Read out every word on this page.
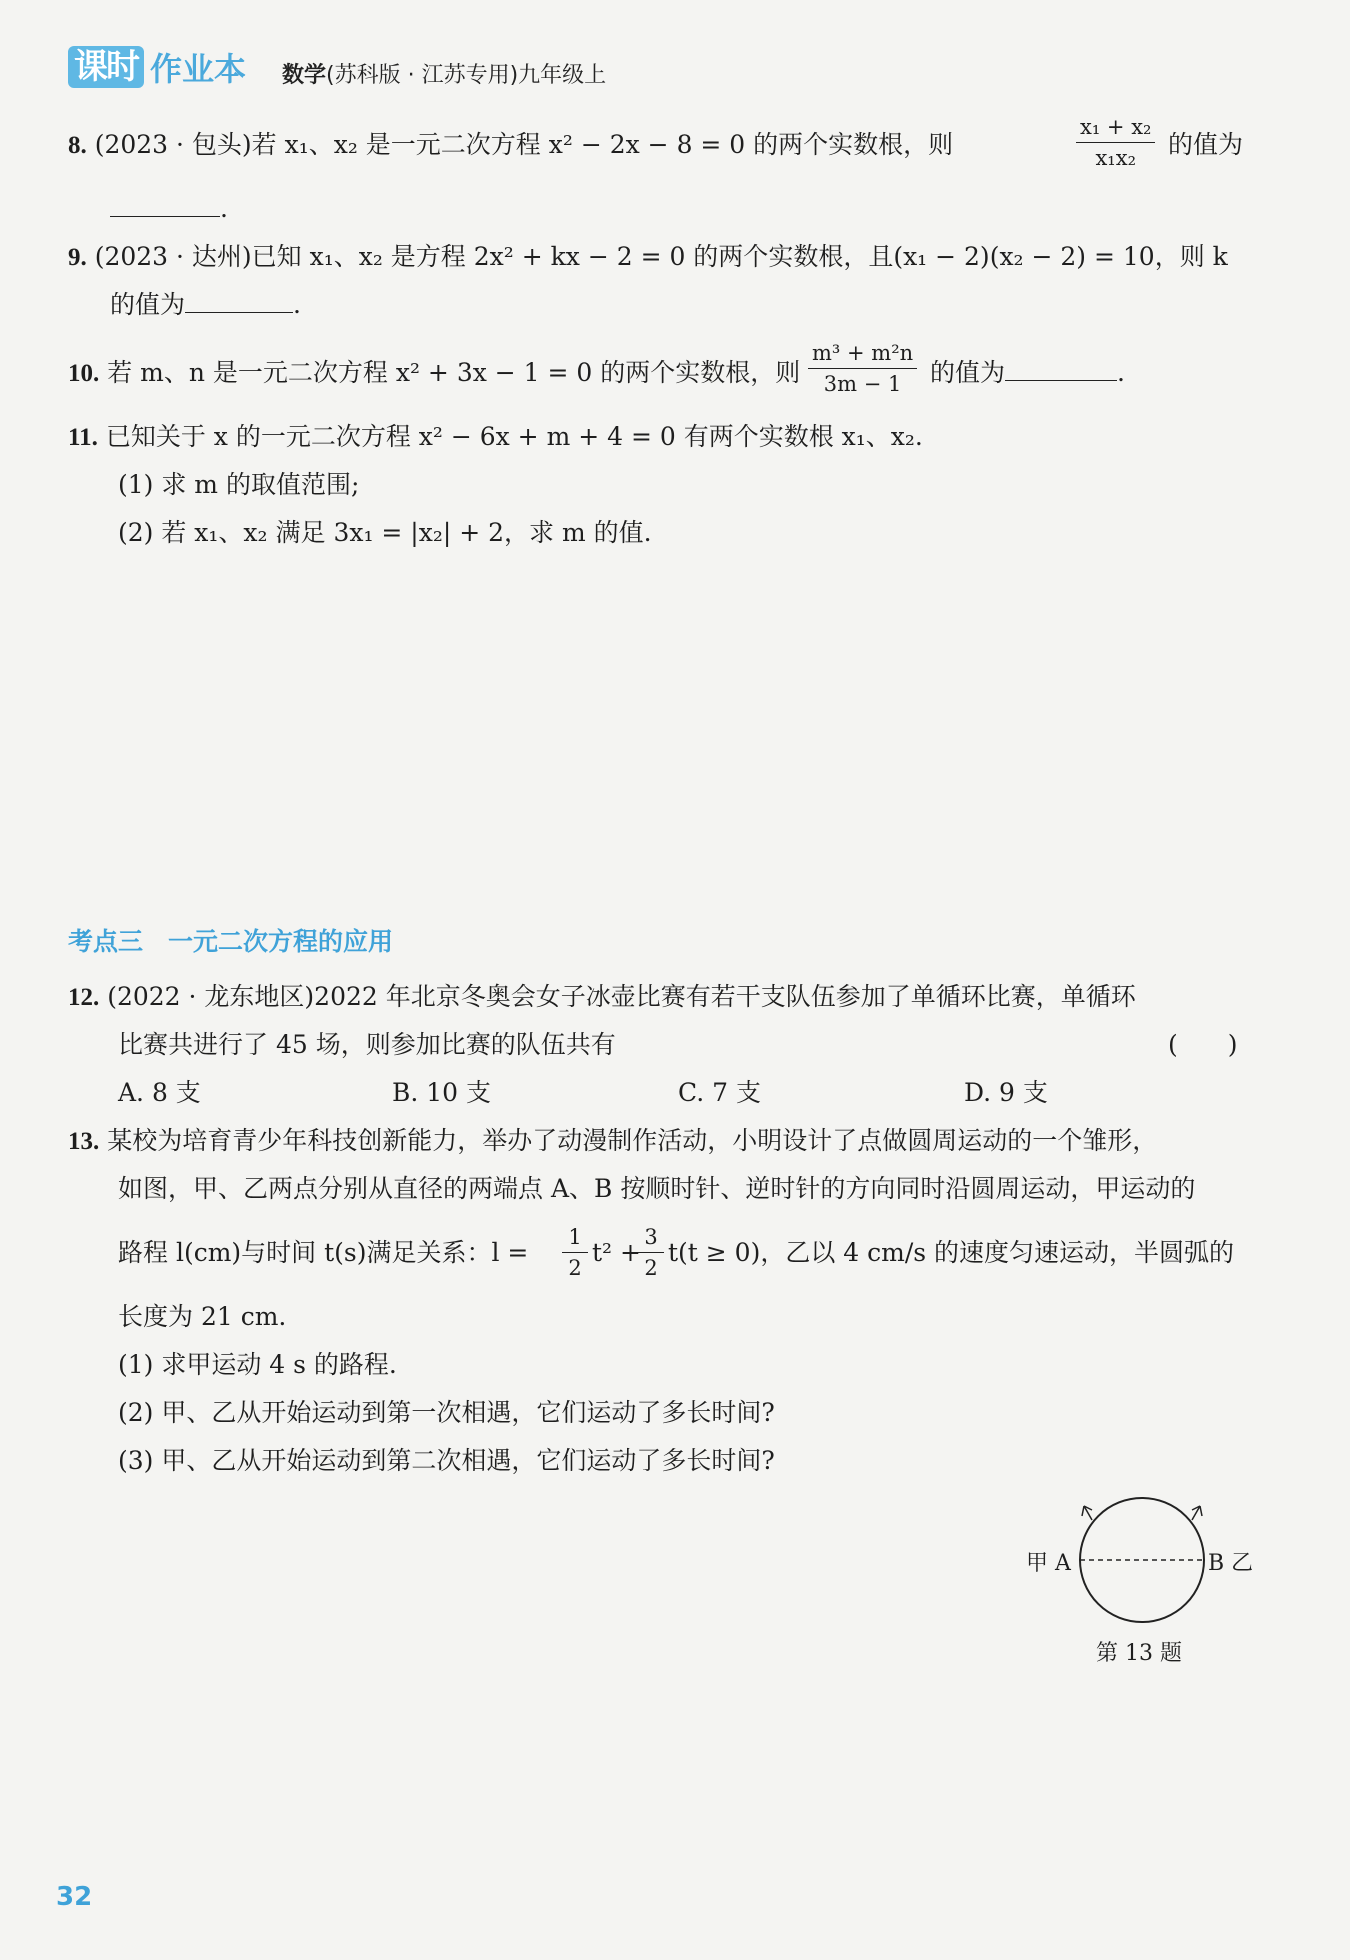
课时 作业本 数学(苏科版 · 江苏专用)九年级上
8. (2023 · 包头)若 x₁、x₂ 是一元二次方程 x² − 2x − 8 = 0 的两个实数根，则	$\frac{\text{x₁ + x₂}}{\text{x₁x₂}}$ 的值为
.
9. (2023 · 达州)已知 x₁、x₂ 是方程 2x² + kx − 2 = 0 的两个实数根，且(x₁ − 2)(x₂ − 2) = 10，则 k
的值为	.
10. 若 m、n 是一元二次方程 x² + 3x − 1 = 0 的两个实数根，则 $\frac{\text{m³ + m²n}}{3m - 1}$ 的值为	.
11. 已知关于 x 的一元二次方程 x² − 6x + m + 4 = 0 有两个实数根 x₁、x₂.
(1) 求 m 的取值范围;
(2) 若 x₁、x₂ 满足 3x₁ = |x₂| + 2，求 m 的值.
考点三　一元二次方程的应用
12. (2022 · 龙东地区)2022 年北京冬奥会女子冰壶比赛有若干支队伍参加了单循环比赛，单循环
比赛共进行了 45 场，则参加比赛的队伍共有	(　　)
A. 8 支	B. 10 支	C. 7 支	D. 9 支
13. 某校为培育青少年科技创新能力，举办了动漫制作活动，小明设计了点做圆周运动的一个雏形，
如图，甲、乙两点分别从直径的两端点 A、B 按顺时针、逆时针的方向同时沿圆周运动，甲运动的
路程 l(cm)与时间 t(s)满足关系：$l = \frac{1}{2} t^2$ +
$\frac{3}{2} t(t \ge 0)$，乙以 4 cm/s 的速度匀速运动，半圆弧的
长度为 21 cm.
(1) 求甲运动 4 s 的路程.
(2) 甲、乙从开始运动到第一次相遇，它们运动了多长时间?
(3) 甲、乙从开始运动到第二次相遇，它们运动了多长时间?
甲 A	B 乙
第 13 题
32
